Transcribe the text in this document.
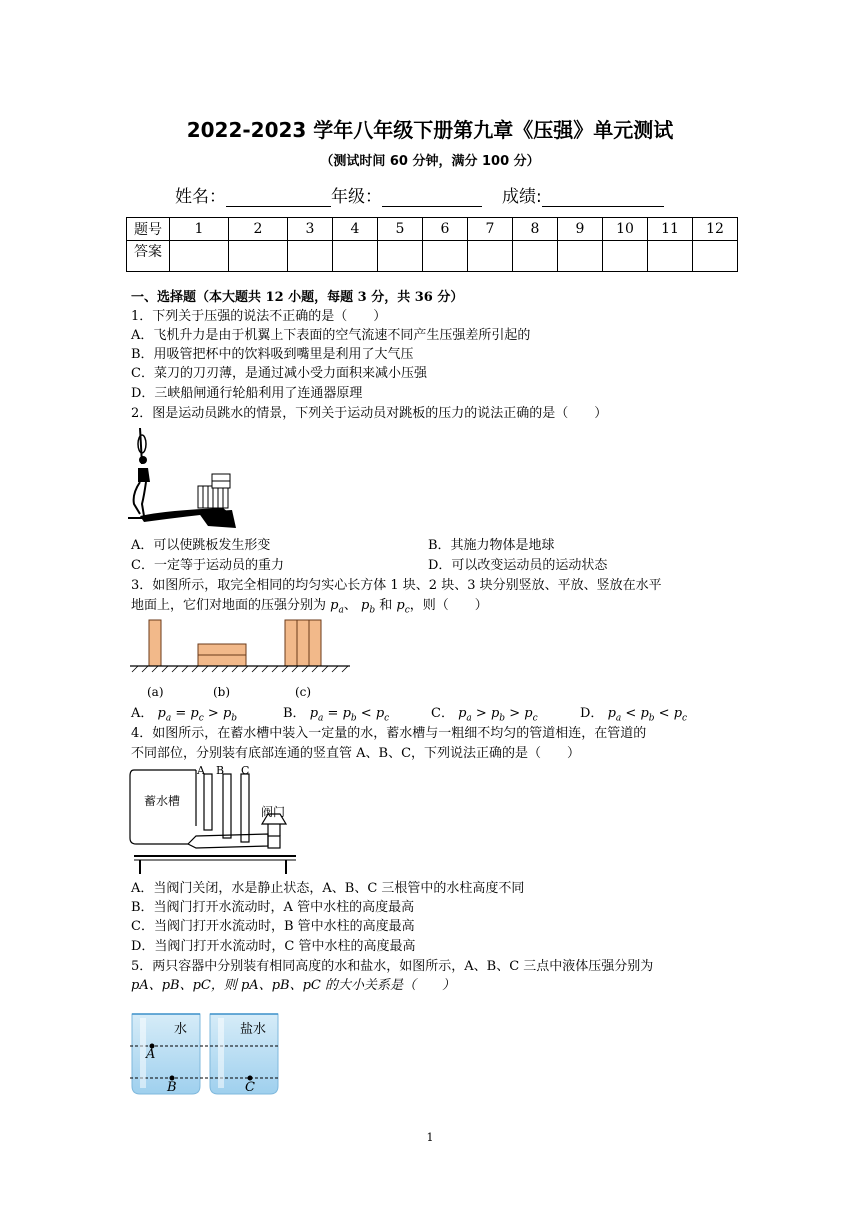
2022-2023 学年八年级下册第九章《压强》单元测试
（测试时间 60 分钟，满分 100 分）
姓名：	年级：	成绩:
题号	1	2	3	4	5	6	7	8	9	10	11	12
答案												
一、选择题（本大题共 12 小题，每题 3 分，共 36 分）
1．下列关于压强的说法不正确的是（　　）
A．飞机升力是由于机翼上下表面的空气流速不同产生压强差所引起的
B．用吸管把杯中的饮料吸到嘴里是利用了大气压
C．菜刀的刀刃薄，是通过减小受力面积来减小压强
D．三峡船闸通行轮船利用了连通器原理
2．图是运动员跳水的情景，下列关于运动员对跳板的压力的说法正确的是（　　）
A．可以使跳板发生形变	B．其施力物体是地球
C．一定等于运动员的重力	D．可以改变运动员的运动状态
3．如图所示，取完全相同的均匀实心长方体 1 块、2 块、3 块分别竖放、平放、竖放在水平
地面上，它们对地面的压强分别为 $p_a$、 $p_b$ 和 $p_c$，则（　　）
(a)	(b)	(c)
A． $p_a = p_c > p_b$	B． $p_a = p_b < p_c$	C． $p_a > p_b > p_c$	D． $p_a < p_b < p_c$
4．如图所示，在蓄水槽中装入一定量的水，蓄水槽与一粗细不均匀的管道相连，在管道的
不同部位，分别装有底部连通的竖直管 A、B、C，下列说法正确的是（　　）
蓄水槽
阀门
A B C
A．当阀门关闭，水是静止状态，A、B、C 三根管中的水柱高度不同
B．当阀门打开水流动时，A 管中水柱的高度最高
C．当阀门打开水流动时，B 管中水柱的高度最高
D．当阀门打开水流动时，C 管中水柱的高度最高
5．两只容器中分别装有相同高度的水和盐水，如图所示，A、B、C 三点中液体压强分别为
pA、pB、pC，则 pA、pB、pC 的大小关系是（　　）
水	盐水
A
B	C
1
